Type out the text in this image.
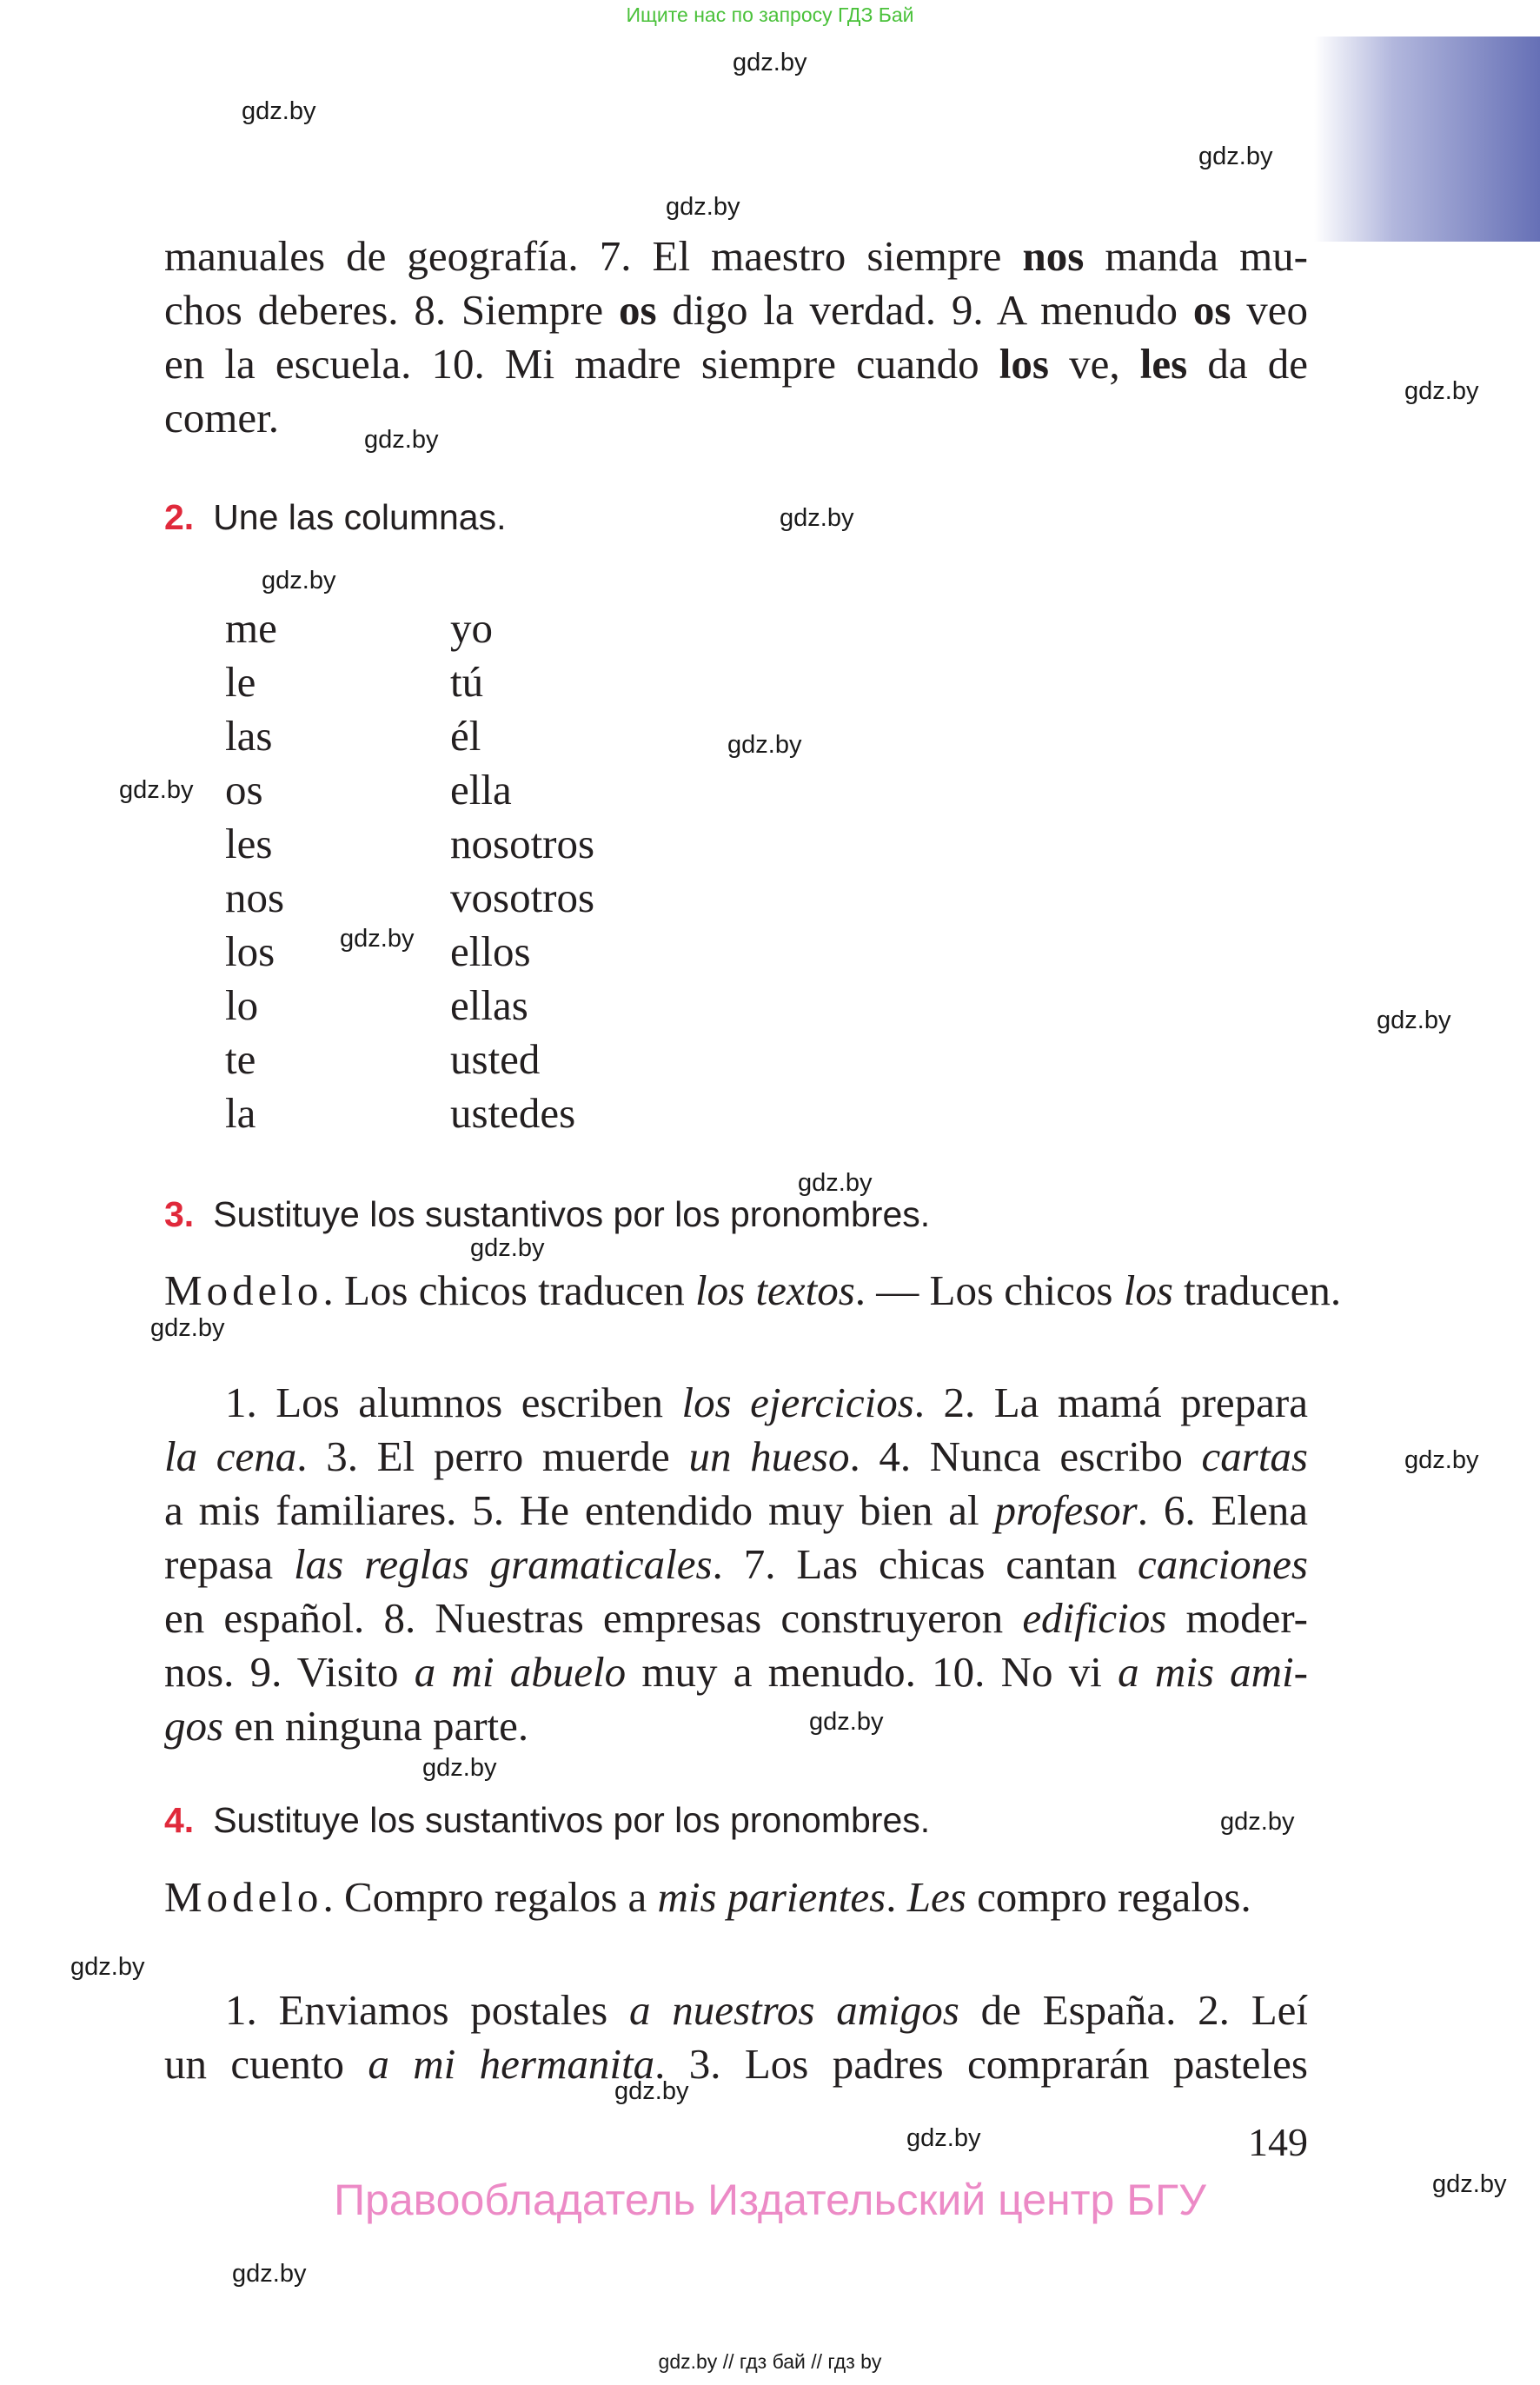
Ищите нас по запросу ГДЗ Бай
manuales de geografía. 7. El maestro siempre nos manda mu-
chos deberes. 8. Siempre os digo la verdad. 9. A menudo os veo
en la escuela. 10. Mi madre siempre cuando los ve, les da de
comer.
2. Une las columnas.
me
le
las
os
les
nos
los
lo
te
la
yo
tú
él
ella
nosotros
vosotros
ellos
ellas
usted
ustedes
3. Sustituye los sustantivos por los pronombres.
Modelo. Los chicos traducen los textos. — Los chicos los traducen.
1. Los alumnos escriben los ejercicios. 2. La mamá prepara
la cena. 3. El perro muerde un hueso. 4. Nunca escribo cartas
a mis familiares. 5. He entendido muy bien al profesor. 6. Elena
repasa las reglas gramaticales. 7. Las chicas cantan canciones
en español. 8. Nuestras empresas construyeron edificios moder-
nos. 9. Visito a mi abuelo muy a menudo. 10. No vi a mis ami-
gos en ninguna parte.
4. Sustituye los sustantivos por los pronombres.
Modelo. Compro regalos a mis parientes. Les compro regalos.
1. Enviamos postales a nuestros amigos de España. 2. Leí
un cuento a mi hermanita. 3. Los padres comprarán pasteles
149
Правообладатель Издательский центр БГУ
gdz.by // гдз бай // гдз by
gdz.by
gdz.by
gdz.by
gdz.by
gdz.by
gdz.by
gdz.by
gdz.by
gdz.by
gdz.by
gdz.by
gdz.by
gdz.by
gdz.by
gdz.by
gdz.by
gdz.by
gdz.by
gdz.by
gdz.by
gdz.by
gdz.by
gdz.by
gdz.by
